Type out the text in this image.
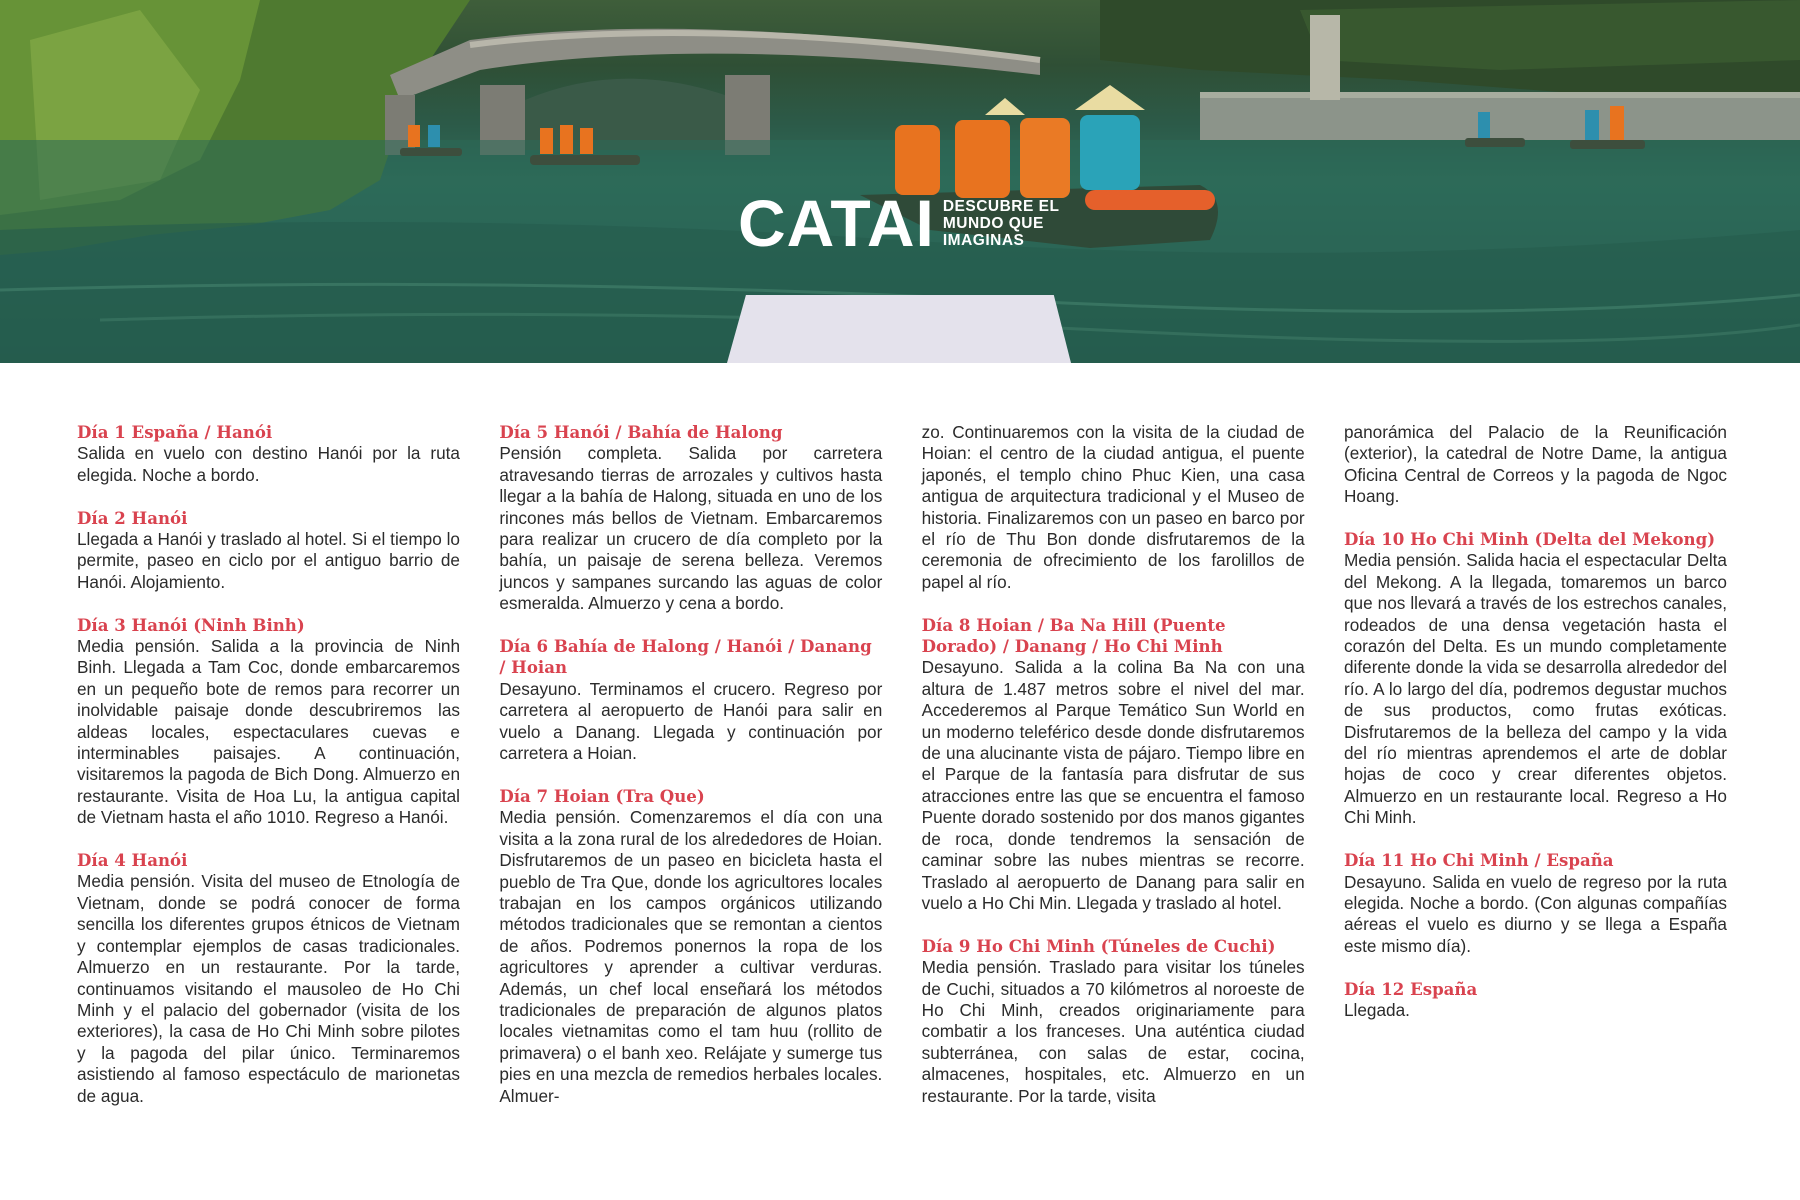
CATAI DESCUBRE EL
MUNDO QUE
IMAGINAS

Día 1 España / Hanói

Salida en vuelo con destino Hanói por la ruta elegida. Noche a bordo.

Día 2 Hanói

Llegada a Hanói y traslado al hotel. Si el tiempo lo permite, paseo en ciclo por el antiguo barrio de Hanói. Alojamiento.

Día 3 Hanói (Ninh Binh)

Media pensión. Salida a la provincia de Ninh Binh. Llegada a Tam Coc, donde embarcaremos en un pequeño bote de remos para recorrer un inolvidable paisaje donde descubriremos las aldeas locales, espectaculares cuevas e interminables paisajes. A continuación, visitaremos la pagoda de Bich Dong. Almuerzo en restaurante. Visita de Hoa Lu, la antigua capital de Vietnam hasta el año 1010. Regreso a Hanói.

Día 4 Hanói

Media pensión. Visita del museo de Etnología de Vietnam, donde se podrá conocer de forma sencilla los diferentes grupos étnicos de Vietnam y contemplar ejemplos de casas tradicionales. Almuerzo en un restaurante. Por la tarde, continuamos visitando el mausoleo de Ho Chi Minh y el palacio del gobernador (visita de los exteriores), la casa de Ho Chi Minh sobre pilotes y la pagoda del pilar único. Terminaremos asistiendo al famoso espectáculo de marionetas de agua.

Día 5 Hanói / Bahía de Halong

Pensión completa. Salida por carretera atravesando tierras de arrozales y cultivos hasta llegar a la bahía de Halong, situada en uno de los rincones más bellos de Vietnam. Embarcaremos para realizar un crucero de día completo por la bahía, un paisaje de serena belleza. Veremos juncos y sampanes surcando las aguas de color esmeralda. Almuerzo y cena a bordo.

Día 6 Bahía de Halong / Hanói / Danang / Hoian

Desayuno. Terminamos el crucero. Regreso por carretera al aeropuerto de Hanói para salir en vuelo a Danang. Llegada y continuación por carretera a Hoian.

Día 7 Hoian (Tra Que)

Media pensión. Comenzaremos el día con una visita a la zona rural de los alrededores de Hoian. Disfrutaremos de un paseo en bicicleta hasta el pueblo de Tra Que, donde los agricultores locales trabajan en los campos orgánicos utilizando métodos tradicionales que se remontan a cientos de años. Podremos ponernos la ropa de los agricultores y aprender a cultivar verduras. Además, un chef local enseñará los métodos tradicionales de preparación de algunos platos locales vietnamitas como el tam huu (rollito de primavera) o el banh xeo. Relájate y sumerge tus pies en una mezcla de remedios herbales locales. Almuer-

zo. Continuaremos con la visita de la ciudad de Hoian: el centro de la ciudad antigua, el puente japonés, el templo chino Phuc Kien, una casa antigua de arquitectura tradicional y el Museo de historia. Finalizaremos con un paseo en barco por el río de Thu Bon donde disfrutaremos de la ceremonia de ofrecimiento de los farolillos de papel al río.

Día 8 Hoian / Ba Na Hill (Puente Dorado) / Danang / Ho Chi Minh

Desayuno. Salida a la colina Ba Na con una altura de 1.487 metros sobre el nivel del mar. Accederemos al Parque Temático Sun World en un moderno teleférico desde donde disfrutaremos de una alucinante vista de pájaro. Tiempo libre en el Parque de la fantasía para disfrutar de sus atracciones entre las que se encuentra el famoso Puente dorado sostenido por dos manos gigantes de roca, donde tendremos la sensación de caminar sobre las nubes mientras se recorre. Traslado al aeropuerto de Danang para salir en vuelo a Ho Chi Min. Llegada y traslado al hotel.

Día 9 Ho Chi Minh (Túneles de Cuchi)

Media pensión. Traslado para visitar los túneles de Cuchi, situados a 70 kilómetros al noroeste de Ho Chi Minh, creados originariamente para combatir a los franceses. Una auténtica ciudad subterránea, con salas de estar, cocina, almacenes, hospitales, etc. Almuerzo en un restaurante. Por la tarde, visita

panorámica del Palacio de la Reunificación (exterior), la catedral de Notre Dame, la antigua Oficina Central de Correos y la pagoda de Ngoc Hoang.

Día 10 Ho Chi Minh (Delta del Mekong)

Media pensión. Salida hacia el espectacular Delta del Mekong. A la llegada, tomaremos un barco que nos llevará a través de los estrechos canales, rodeados de una densa vegetación hasta el corazón del Delta. Es un mundo completamente diferente donde la vida se desarrolla alrededor del río. A lo largo del día, podremos degustar muchos de sus productos, como frutas exóticas. Disfrutaremos de la belleza del campo y la vida del río mientras aprendemos el arte de doblar hojas de coco y crear diferentes objetos. Almuerzo en un restaurante local. Regreso a Ho Chi Minh.

Día 11 Ho Chi Minh / España

Desayuno. Salida en vuelo de regreso por la ruta elegida. Noche a bordo. (Con algunas compañías aéreas el vuelo es diurno y se llega a España este mismo día).

Día 12 España

Llegada.
